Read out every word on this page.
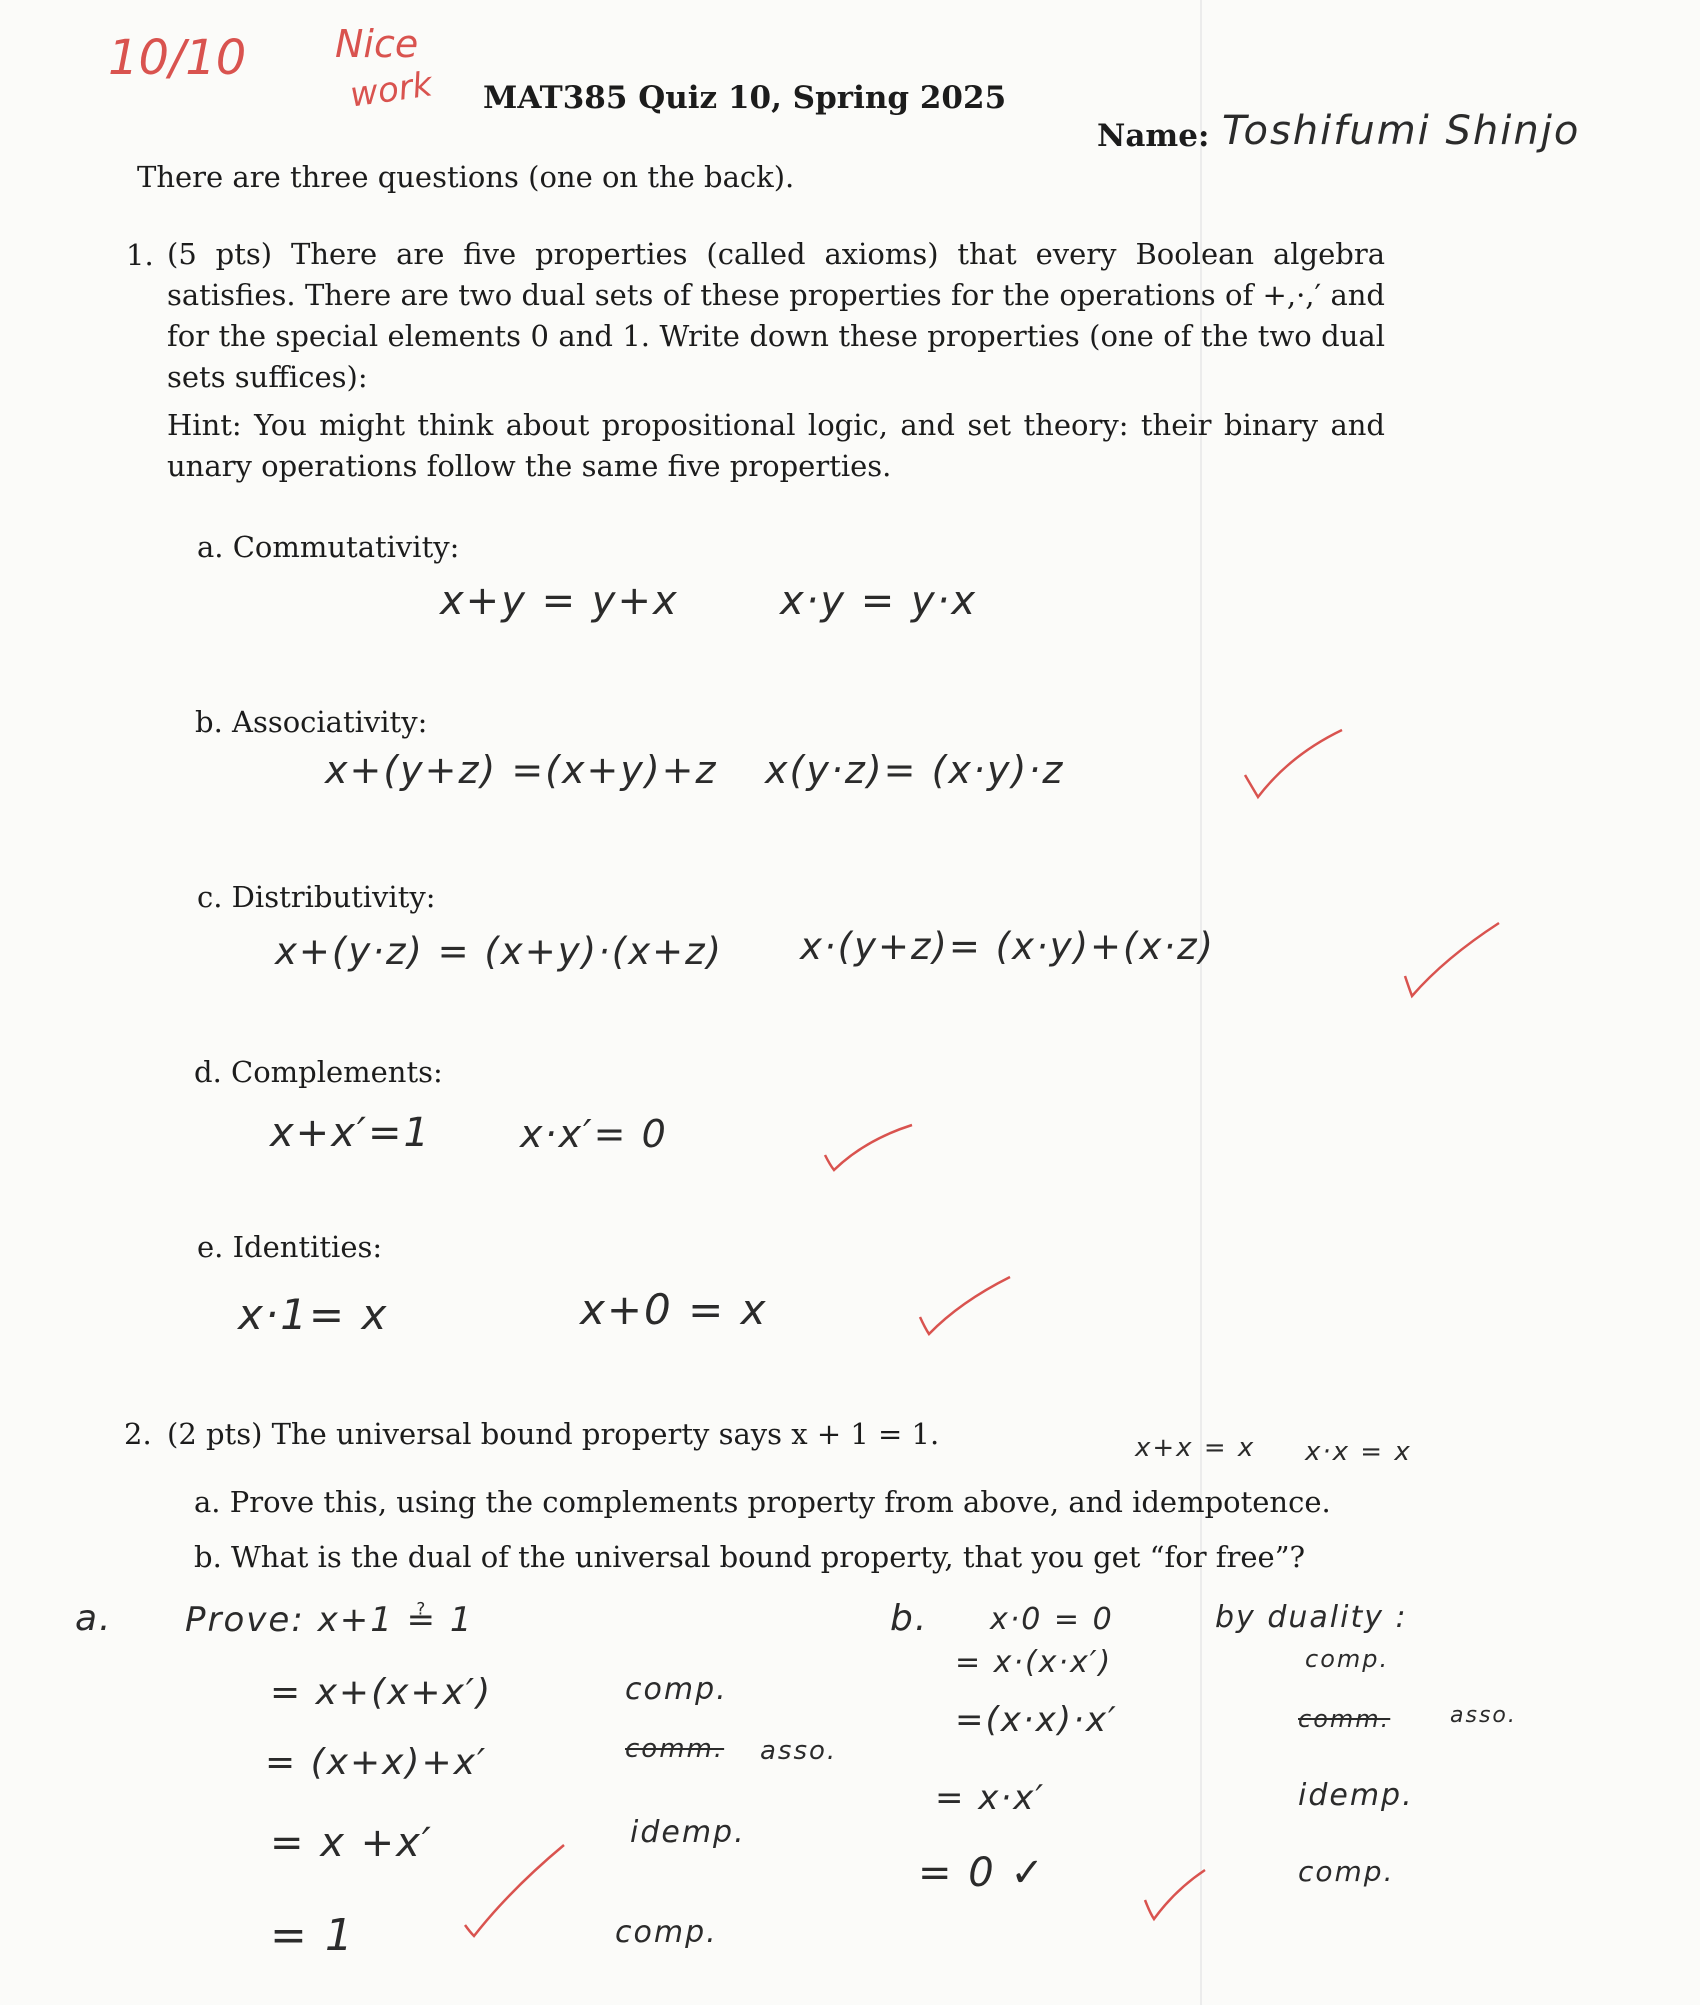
10/10 Nice
work MAT385 Quiz 10, Spring 2025
Name: Toshifumi Shinjo
There are three questions (one on the back).
1. (5 pts) There are five properties (called axioms) that every Boolean algebra satisfies. There are two dual sets of these properties for the operations of +,·,′ and for the special elements 0 and 1. Write down these properties (one of the two dual sets suffices):
Hint: You might think about propositional logic, and set theory: their binary and unary operations follow the same five properties.
a. Commutativity:
x+y = y+x	x·y = y·x
b. Associativity:
x+(y+z) =(x+y)+z x(y·z)= (x·y)·z
c. Distributivity:
x+(y·z) = (x+y)·(x+z) x·(y+z)= (x·y)+(x·z)
d. Complements:
x+x′=1 x·x′= 0
e. Identities:
x·1= x	x+0 = x
2. (2 pts) The universal bound property says x + 1 = 1.	x+x = x x·x = x
a. Prove this, using the complements property from above, and idempotence.
b. What is the dual of the universal bound property, that you get “for free”?
a. Prove: x+1 ≟ 1
= x+(x+x′)	comp.
= (x+x)+x′	comm. asso.
= x +x′	idemp.
= 1	comp.
b. x·0 = 0	by duality :
= x·(x·x′)	comp.
=(x·x)·x′	comm.	asso.
= x·x′	idemp.
= 0 ✓	comp.
